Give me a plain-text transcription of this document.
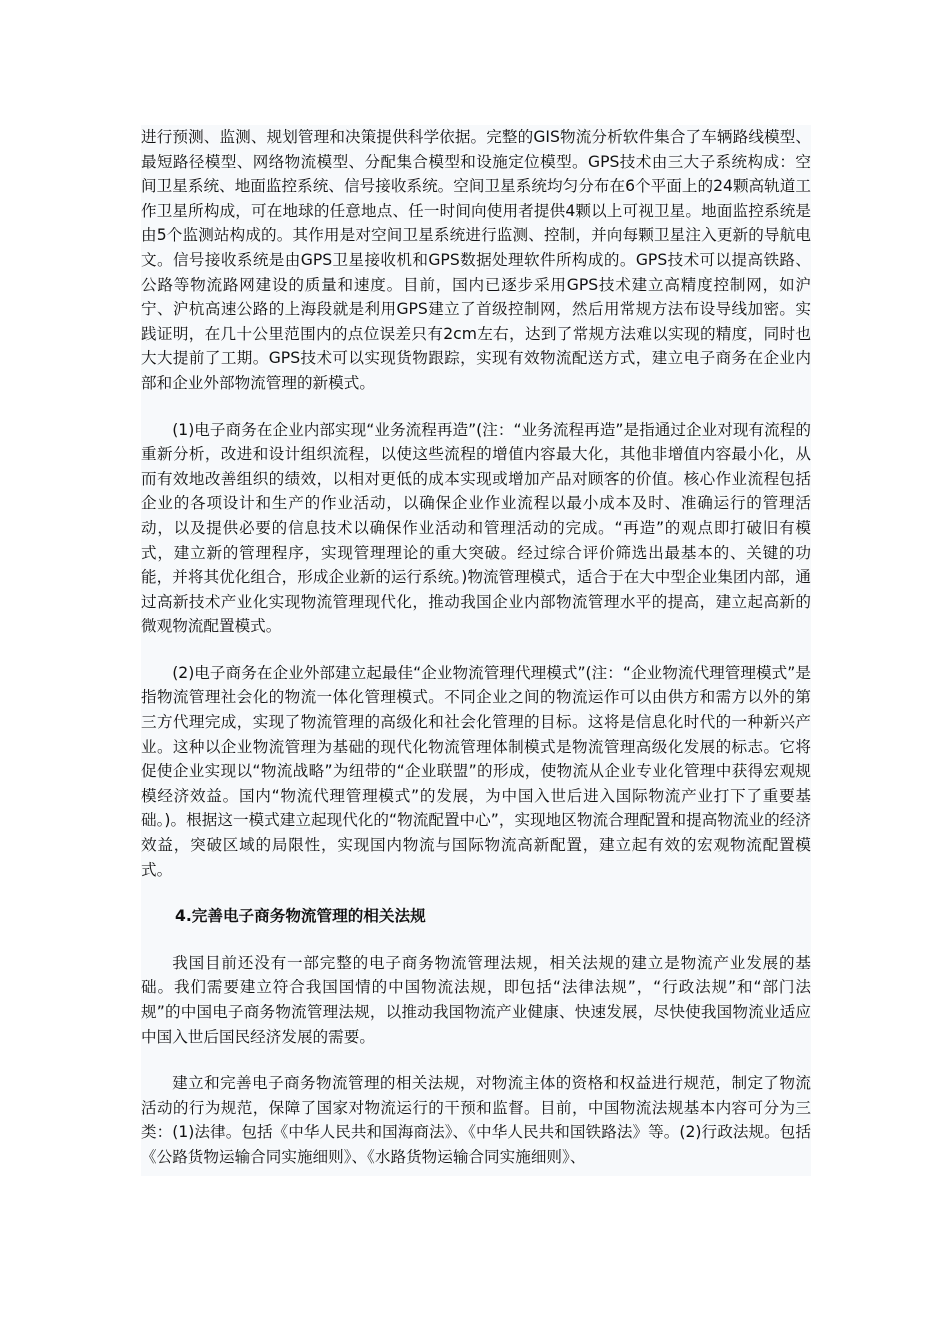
进行预测、监测、规划管理和决策提供科学依据。完整的GIS物流分析软件集合了车辆路线模型、最短路径模型、网络物流模型、分配集合模型和设施定位模型。GPS技术由三大子系统构成：空间卫星系统、地面监控系统、信号接收系统。空间卫星系统均匀分布在6个平面上的24颗高轨道工作卫星所构成，可在地球的任意地点、任一时间向使用者提供4颗以上可视卫星。地面监控系统是由5个监测站构成的。其作用是对空间卫星系统进行监测、控制，并向每颗卫星注入更新的导航电文。信号接收系统是由GPS卫星接收机和GPS数据处理软件所构成的。GPS技术可以提高铁路、公路等物流路网建设的质量和速度。目前，国内已逐步采用GPS技术建立高精度控制网，如沪宁、沪杭高速公路的上海段就是利用GPS建立了首级控制网，然后用常规方法布设导线加密。实践证明，在几十公里范围内的点位误差只有2cm左右，达到了常规方法难以实现的精度，同时也大大提前了工期。GPS技术可以实现货物跟踪，实现有效物流配送方式，建立电子商务在企业内部和企业外部物流管理的新模式。

(1)电子商务在企业内部实现“业务流程再造”(注：“业务流程再造”是指通过企业对现有流程的重新分析，改进和设计组织流程，以使这些流程的增值内容最大化，其他非增值内容最小化，从而有效地改善组织的绩效，以相对更低的成本实现或增加产品对顾客的价值。核心作业流程包括企业的各项设计和生产的作业活动，以确保企业作业流程以最小成本及时、准确运行的管理活动，以及提供必要的信息技术以确保作业活动和管理活动的完成。“再造”的观点即打破旧有模式，建立新的管理程序，实现管理理论的重大突破。经过综合评价筛选出最基本的、关键的功能，并将其优化组合，形成企业新的运行系统。)物流管理模式，适合于在大中型企业集团内部，通过高新技术产业化实现物流管理现代化，推动我国企业内部物流管理水平的提高，建立起高新的微观物流配置模式。

(2)电子商务在企业外部建立起最佳“企业物流管理代理模式”(注：“企业物流代理管理模式”是指物流管理社会化的物流一体化管理模式。不同企业之间的物流运作可以由供方和需方以外的第三方代理完成，实现了物流管理的高级化和社会化管理的目标。这将是信息化时代的一种新兴产业。这种以企业物流管理为基础的现代化物流管理体制模式是物流管理高级化发展的标志。它将促使企业实现以“物流战略”为纽带的“企业联盟”的形成，使物流从企业专业化管理中获得宏观规模经济效益。国内“物流代理管理模式”的发展，为中国入世后进入国际物流产业打下了重要基础。)。根据这一模式建立起现代化的“物流配置中心”，实现地区物流合理配置和提高物流业的经济效益，突破区域的局限性，实现国内物流与国际物流高新配置，建立起有效的宏观物流配置模式。

4.完善电子商务物流管理的相关法规

我国目前还没有一部完整的电子商务物流管理法规，相关法规的建立是物流产业发展的基础。我们需要建立符合我国国情的中国物流法规，即包括“法律法规”，“行政法规”和“部门法规”的中国电子商务物流管理法规，以推动我国物流产业健康、快速发展，尽快使我国物流业适应中国入世后国民经济发展的需要。

建立和完善电子商务物流管理的相关法规，对物流主体的资格和权益进行规范，制定了物流活动的行为规范，保障了国家对物流运行的干预和监督。目前，中国物流法规基本内容可分为三类：(1)法律。包括《中华人民共和国海商法》、《中华人民共和国铁路法》等。(2)行政法规。包括《公路货物运输合同实施细则》、《水路货物运输合同实施细则》、
